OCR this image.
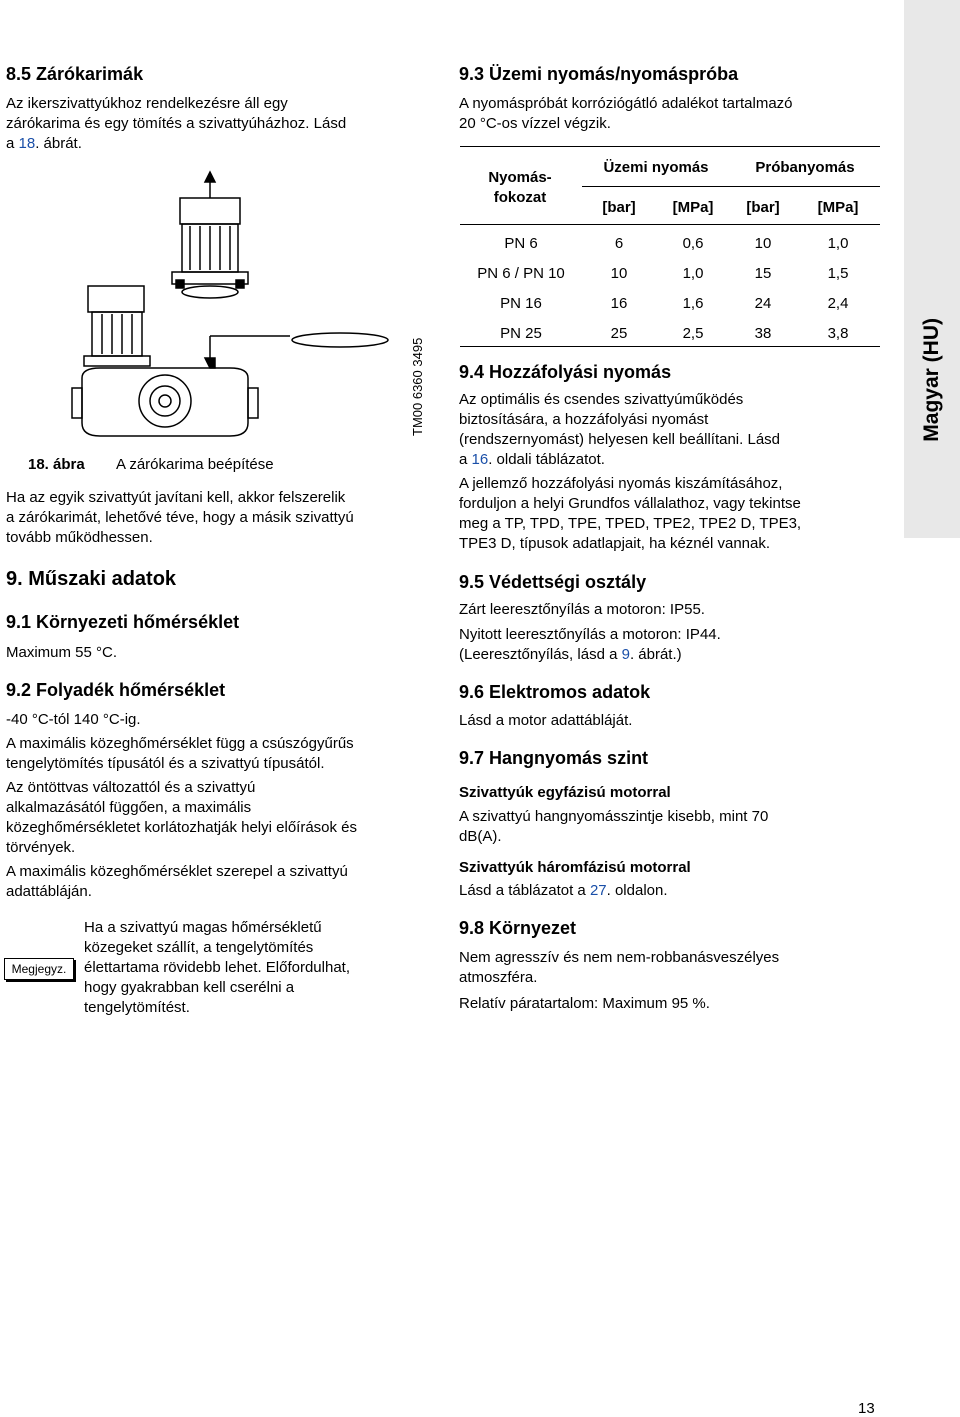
Magyar (HU)
8.5 Zárókarimák
Az ikerszivattyúkhoz rendelkezésre áll egy
zárókarima és egy tömítés a szivattyúházhoz. Lásd
a 18. ábrát.
TM00 6360 3495
18. ábra A zárókarima beépítése
Ha az egyik szivattyút javítani kell, akkor felszerelik
a zárókarimát, lehetővé téve, hogy a másik szivattyú
tovább működhessen.
9. Műszaki adatok
9.1 Környezeti hőmérséklet
Maximum 55 °C.
9.2 Folyadék hőmérséklet
-40 °C-tól 140 °C-ig.
A maximális közeghőmérséklet függ a csúszógyűrűs
tengelytömítés típusától és a szivattyú típusától.
Az öntöttvas változattól és a szivattyú
alkalmazásától függően, a maximális
közeghőmérsékletet korlátozhatják helyi előírások és
törvények.
A maximális közeghőmérséklet szerepel a szivattyú
adattábláján.
Megjegyz.
Ha a szivattyú magas hőmérsékletű
közegeket szállít, a tengelytömítés
élettartama rövidebb lehet. Előfordulhat,
hogy gyakrabban kell cserélni a
tengelytömítést.
9.3 Üzemi nyomás/nyomáspróba
A nyomáspróbát korróziógátló adalékot tartalmazó
20 °C-os vízzel végzik.
Nyomás-
fokozat
Üzemi nyomás	Próbanyomás
[bar]	[MPa]	[bar]	[MPa]
PN 6	6	0,6	10	1,0
PN 6 / PN 10	10	1,0	15	1,5
PN 16	16	1,6	24	2,4
PN 25	25	2,5	38	3,8
9.4 Hozzáfolyási nyomás
Az optimális és csendes szivattyúműködés
biztosítására, a hozzáfolyási nyomást
(rendszernyomást) helyesen kell beállítani. Lásd
a 16. oldali táblázatot.
A jellemző hozzáfolyási nyomás kiszámításához,
forduljon a helyi Grundfos vállalathoz, vagy tekintse
meg a TP, TPD, TPE, TPED, TPE2, TPE2 D, TPE3,
TPE3 D, típusok adatlapjait, ha kéznél vannak.
9.5 Védettségi osztály
Zárt leeresztőnyílás a motoron: IP55.
Nyitott leeresztőnyílás a motoron: IP44.
(Leeresztőnyílás, lásd a 9. ábrát.)
9.6 Elektromos adatok
Lásd a motor adattábláját.
9.7 Hangnyomás szint
Szivattyúk egyfázisú motorral
A szivattyú hangnyomásszintje kisebb, mint 70
dB(A).
Szivattyúk háromfázisú motorral
Lásd a táblázatot a 27. oldalon.
9.8 Környezet
Nem agresszív és nem nem-robbanásveszélyes
atmoszféra.
Relatív páratartalom: Maximum 95 %.
13
